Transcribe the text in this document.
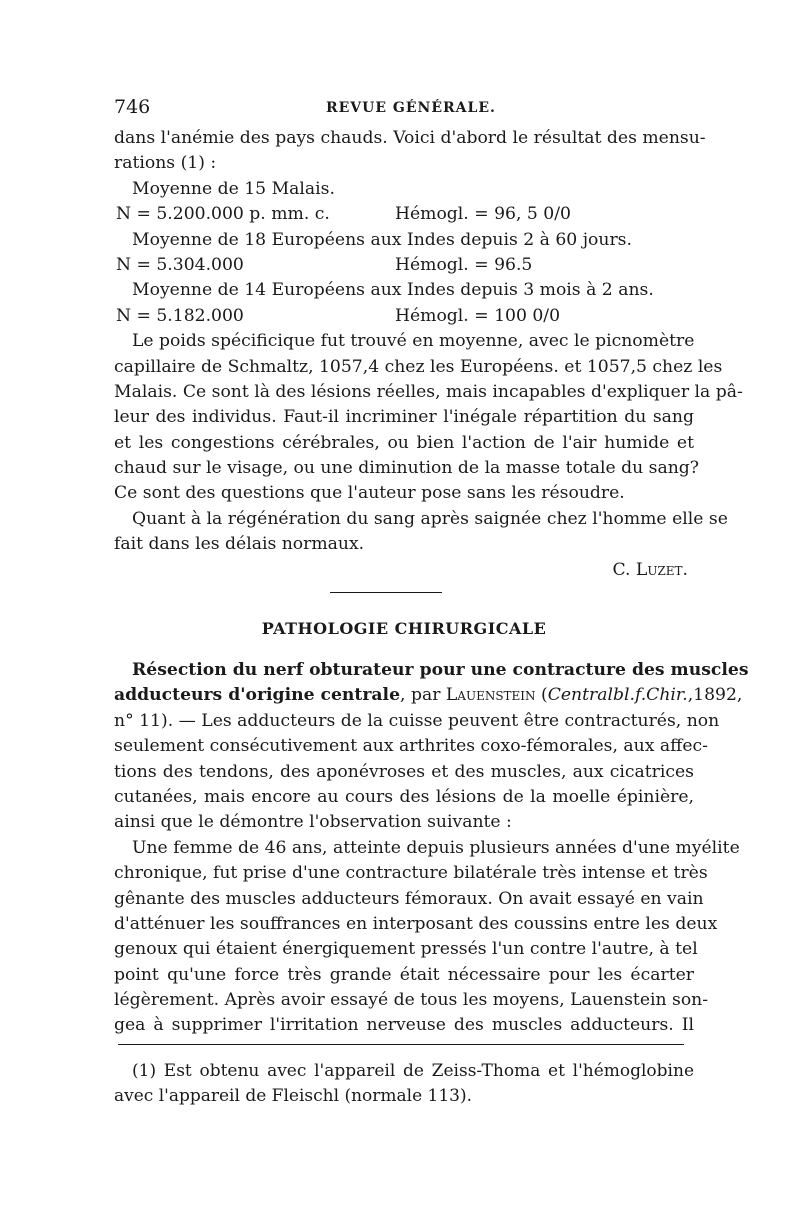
746	REVUE GÉNÉRALE.
dans l'anémie des pays chauds. Voici d'abord le résultat des mensu-
rations (1) :
Moyenne de 15 Malais.
N = 5.200.000 p. mm. c.	Hémogl. = 96, 5 0/0
Moyenne de 18 Européens aux Indes depuis 2 à 60 jours.
N = 5.304.000	Hémogl. = 96.5
Moyenne de 14 Européens aux Indes depuis 3 mois à 2 ans.
N = 5.182.000	Hémogl. = 100 0/0
Le poids spécificique fut trouvé en moyenne, avec le picnomètre
capillaire de Schmaltz, 1057,4 chez les Européens. et 1057,5 chez les
Malais. Ce sont là des lésions réelles, mais incapables d'expliquer la pâ-
leur des individus. Faut-il incriminer l'inégale répartition du sang
et les congestions cérébrales, ou bien l'action de l'air humide et
chaud sur le visage, ou une diminution de la masse totale du sang?
Ce sont des questions que l'auteur pose sans les résoudre.
Quant à la régénération du sang après saignée chez l'homme elle se
fait dans les délais normaux.
C. Luzet.
PATHOLOGIE CHIRURGICALE
Résection du nerf obturateur pour une contracture des muscles
adducteurs d'origine centrale, par Lauenstein (Centralbl.f.Chir.,1892,
n° 11). — Les adducteurs de la cuisse peuvent être contracturés, non
seulement consécutivement aux arthrites coxo-fémorales, aux affec-
tions des tendons, des aponévroses et des muscles, aux cicatrices
cutanées, mais encore au cours des lésions de la moelle épinière,
ainsi que le démontre l'observation suivante :
Une femme de 46 ans, atteinte depuis plusieurs années d'une myélite
chronique, fut prise d'une contracture bilatérale très intense et très
gênante des muscles adducteurs fémoraux. On avait essayé en vain
d'atténuer les souffrances en interposant des coussins entre les deux
genoux qui étaient énergiquement pressés l'un contre l'autre, à tel
point qu'une force très grande était nécessaire pour les écarter
légèrement. Après avoir essayé de tous les moyens, Lauenstein son-
gea à supprimer l'irritation nerveuse des muscles adducteurs. Il
(1) Est obtenu avec l'appareil de Zeiss-Thoma et l'hémoglobine
avec l'appareil de Fleischl (normale 113).
